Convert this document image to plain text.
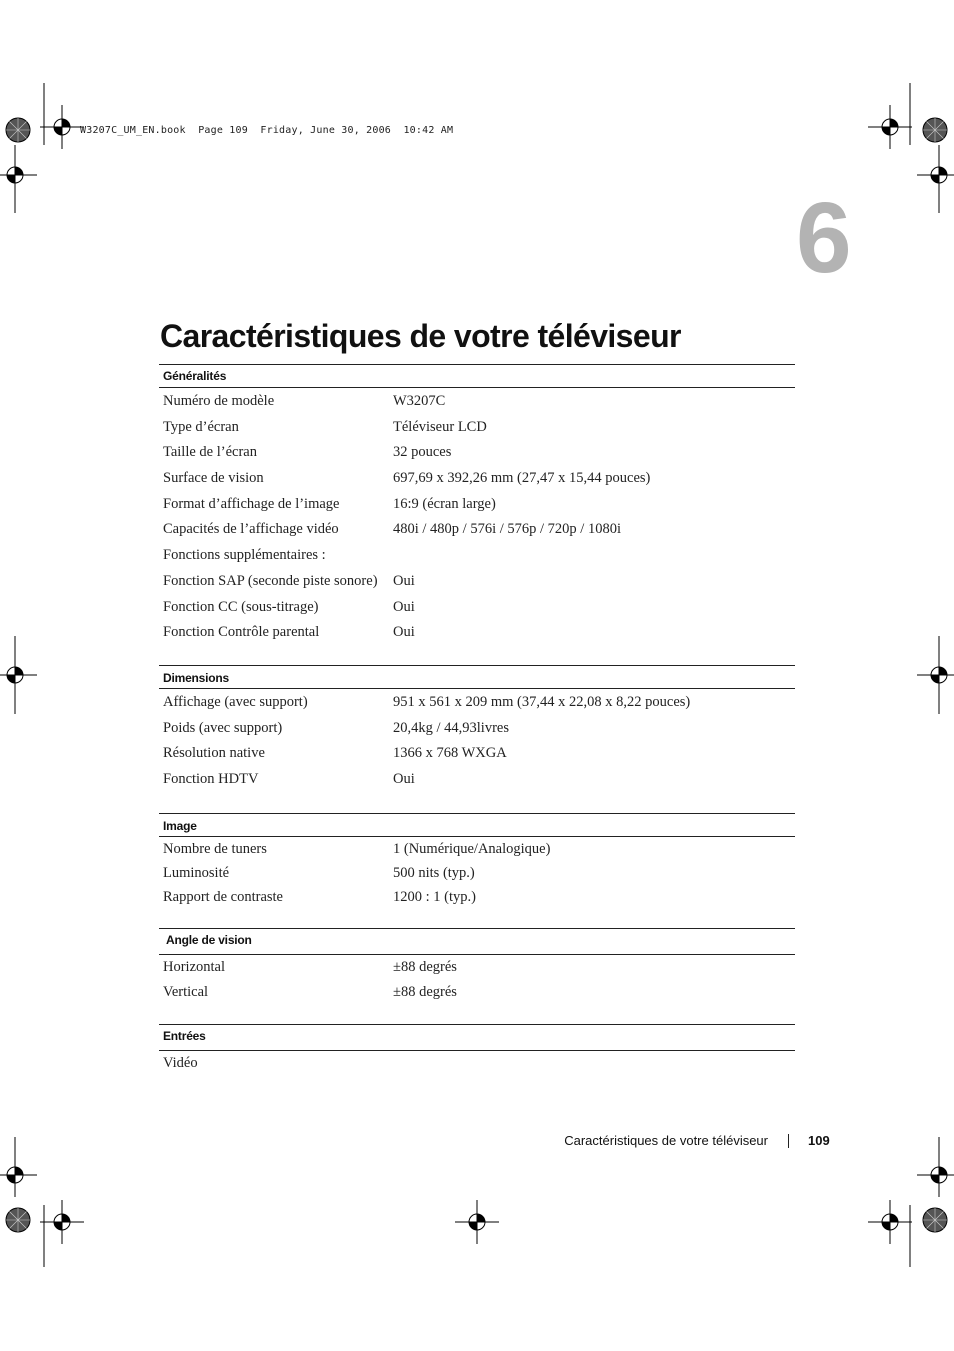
W3207C_UM_EN.book  Page 109  Friday, June 30, 2006  10:42 AM
6
Caractéristiques de votre téléviseur
Généralités
Numéro de modèle	W3207C
Type d’écran	Téléviseur LCD
Taille de l’écran	32 pouces
Surface de vision	697,69 x 392,26 mm (27,47 x 15,44 pouces)
Format d’affichage de l’image	16:9 (écran large)
Capacités de l’affichage vidéo	480i / 480p / 576i / 576p / 720p / 1080i
Fonctions supplémentaires :
Fonction SAP (seconde piste sonore)	Oui
Fonction CC (sous-titrage)	Oui
Fonction Contrôle parental	Oui
Dimensions
Affichage (avec support)	951 x 561 x 209 mm (37,44 x 22,08 x 8,22 pouces)
Poids (avec support)	20,4kg / 44,93livres
Résolution native	1366 x 768 WXGA
Fonction HDTV	Oui
Image
Nombre de tuners	1 (Numérique/Analogique)
Luminosité	500 nits (typ.)
Rapport de contraste	1200 : 1 (typ.)
Angle de vision
Horizontal	±88 degrés
Vertical	±88 degrés
Entrées
Vidéo
Caractéristiques de votre téléviseur	109
